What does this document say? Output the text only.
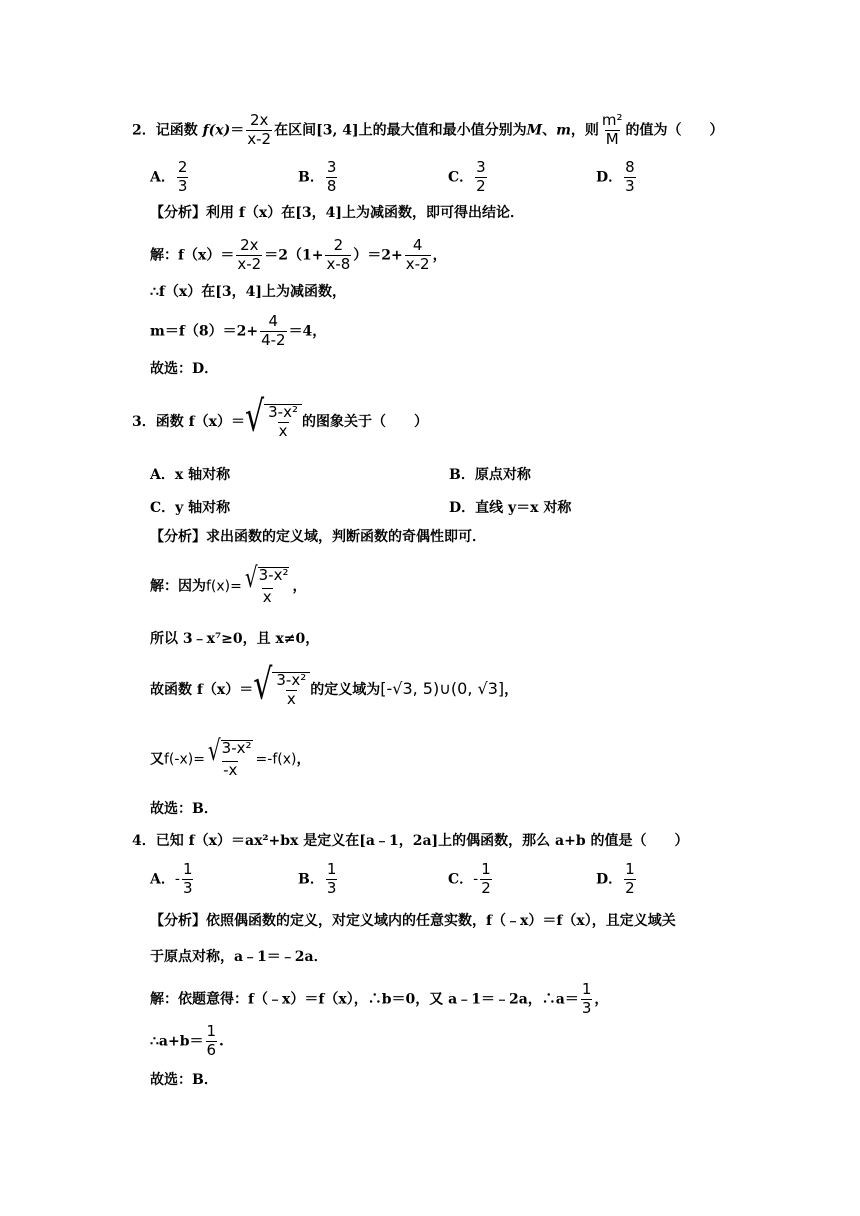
2．记函数 $f(x)= \frac{2x}{x-2}$ 在区间[3, 4]上的最大值和最小值分别为M、m，则 $\frac{\text{m²}}{M}$ 的值为（　　）
A． $\frac{2}{3}$	B． $\frac{3}{8}$	C． $\frac{3}{2}$	D． $\frac{8}{3}$
【分析】利用 f（x）在[3，4]上为减函数，即可得出结论．
解：$f(x)= \frac{2x}{x-2} =2(1+ \frac{2}{x-8} )=2+ \frac{4}{x-2}$ ，
∴f（x）在[3，4]上为减函数，
$m=f(8)=2+ \frac{4}{4-2} =4$，
故选：D．
3．函数 f（x）＝ √ $\frac{\text{3-x²}}{x}$ 的图象关于（　　）
A．x 轴对称	B．原点对称
C．y 轴对称	D．直线 y＝x 对称
【分析】求出函数的定义域，判断函数的奇偶性即可．
解：因为$f(x)= \frac{\text{√ 3-x²}}{x}$ ，
所以 3﹣x⁷≥0，且 x≠0，
故函数 f（x）＝ √ $\frac{\text{3-x²}}{x}$ 的定义域为[-√3, 5)∪(0, √3]，
又$f(-x)= \frac{\text{√ 3-x²}}{-x} =-f(x)$，
故选：B．
4．已知 f（x）＝ax²+bx 是定义在[a﹣1，2a]上的偶函数，那么 a+b 的值是（　　）
A．- $\frac{1}{3}$	B． $\frac{1}{3}$	C．- $\frac{1}{2}$	D． $\frac{1}{2}$
【分析】依照偶函数的定义，对定义域内的任意实数，f（﹣x）＝f（x），且定义域关
于原点对称，a﹣1＝﹣2a．
解：依题意得：f（﹣x）＝f（x），∴b＝0，又 a﹣1＝﹣2a，∴a＝ $\frac{1}{3}$ ，
∴a+b＝ $\frac{1}{6}$ .
故选：B．
